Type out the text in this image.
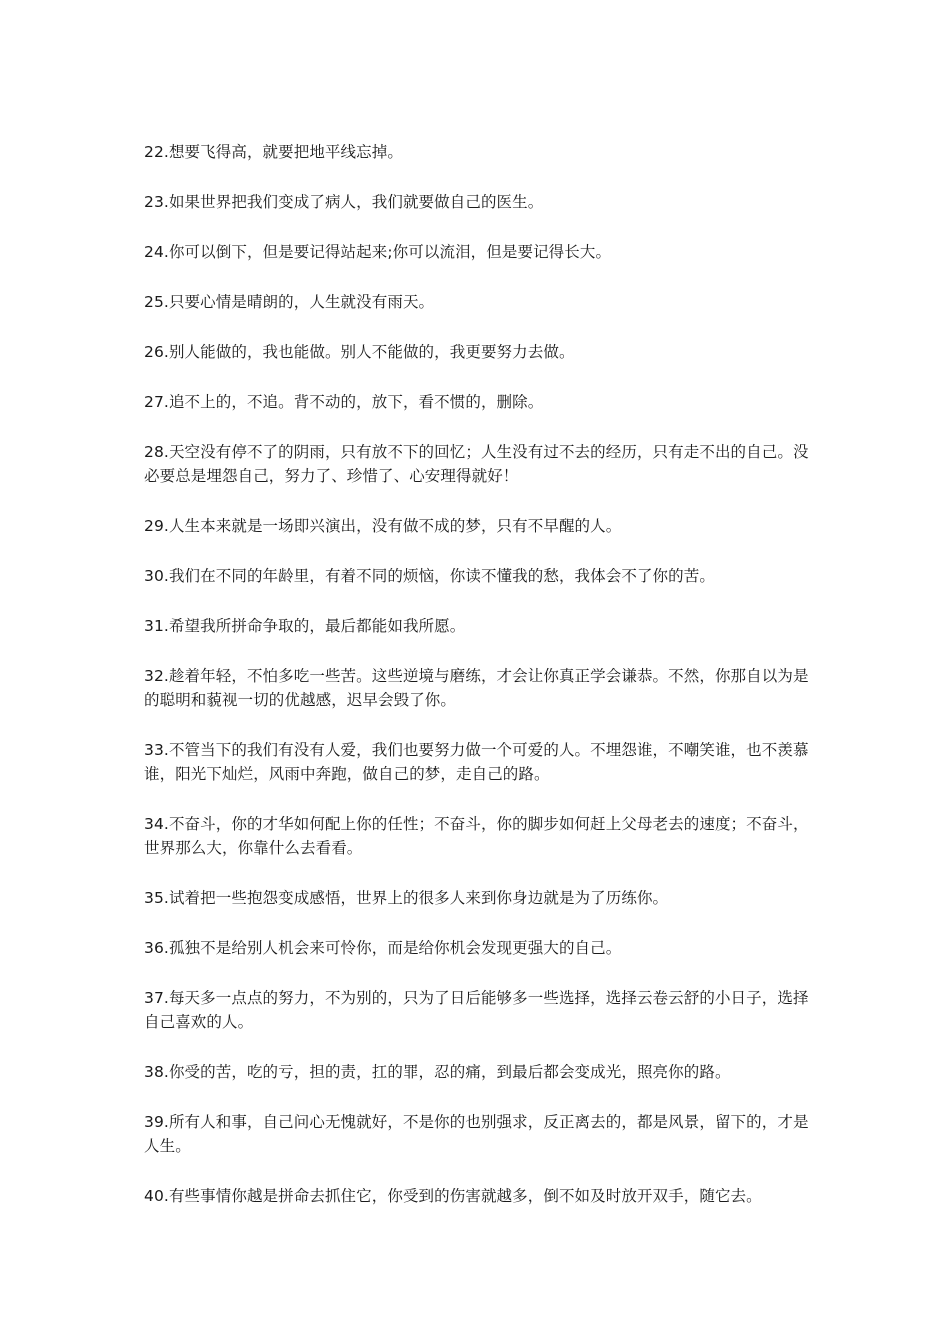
22.想要飞得高，就要把地平线忘掉。

23.如果世界把我们变成了病人，我们就要做自己的医生。

24.你可以倒下，但是要记得站起来;你可以流泪，但是要记得长大。

25.只要心情是晴朗的，人生就没有雨天。

26.别人能做的，我也能做。别人不能做的，我更要努力去做。

27.追不上的，不追。背不动的，放下，看不惯的，删除。

28.天空没有停不了的阴雨，只有放不下的回忆；人生没有过不去的经历，只有走不出的自己。没必要总是埋怨自己，努力了、珍惜了、心安理得就好！

29.人生本来就是一场即兴演出，没有做不成的梦，只有不早醒的人。

30.我们在不同的年龄里，有着不同的烦恼，你读不懂我的愁，我体会不了你的苦。

31.希望我所拼命争取的，最后都能如我所愿。

32.趁着年轻，不怕多吃一些苦。这些逆境与磨练，才会让你真正学会谦恭。不然，你那自以为是的聪明和藐视一切的优越感，迟早会毁了你。

33.不管当下的我们有没有人爱，我们也要努力做一个可爱的人。不埋怨谁，不嘲笑谁，也不羡慕谁，阳光下灿烂，风雨中奔跑，做自己的梦，走自己的路。

34.不奋斗，你的才华如何配上你的任性；不奋斗，你的脚步如何赶上父母老去的速度；不奋斗，世界那么大，你靠什么去看看。

35.试着把一些抱怨变成感悟，世界上的很多人来到你身边就是为了历练你。

36.孤独不是给别人机会来可怜你，而是给你机会发现更强大的自己。

37.每天多一点点的努力，不为别的，只为了日后能够多一些选择，选择云卷云舒的小日子，选择自己喜欢的人。

38.你受的苦，吃的亏，担的责，扛的罪，忍的痛，到最后都会变成光，照亮你的路。

39.所有人和事，自己问心无愧就好，不是你的也别强求，反正离去的，都是风景，留下的，才是人生。

40.有些事情你越是拼命去抓住它，你受到的伤害就越多，倒不如及时放开双手，随它去。
